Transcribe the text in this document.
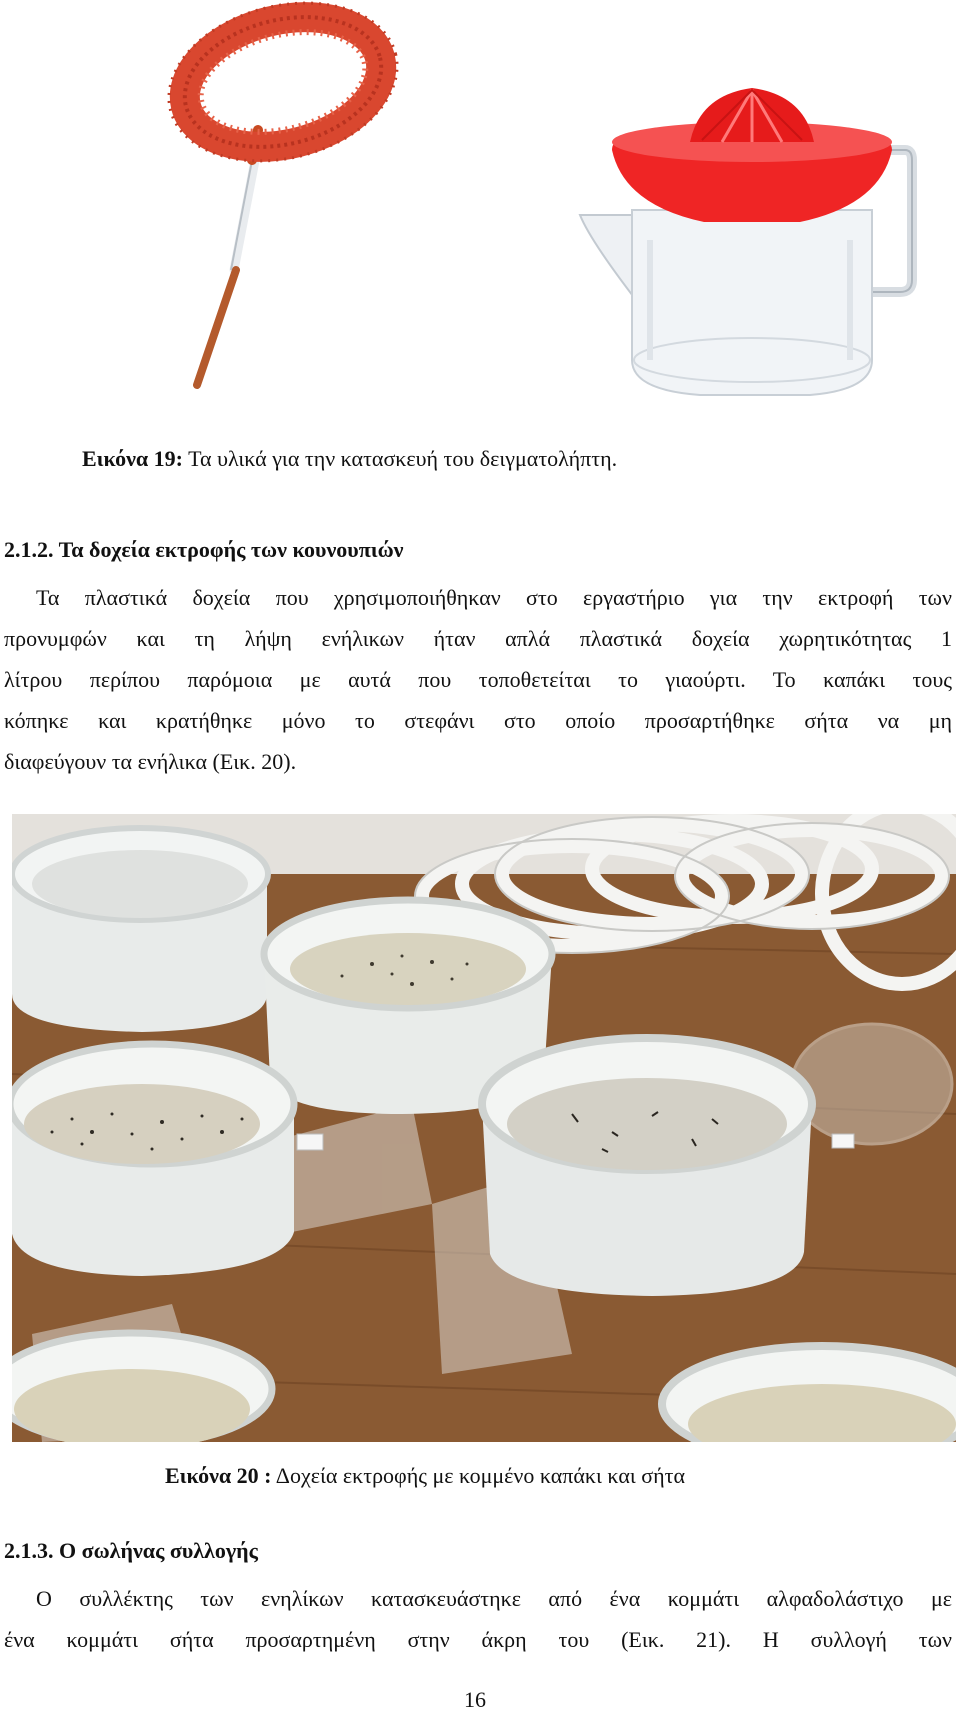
Εικόνα 19: Τα υλικά για την κατασκευή του δειγματολήπτη.
2.1.2. Τα δοχεία εκτροφής των κουνουπιών
Τα πλαστικά δοχεία που χρησιμοποιήθηκαν στο εργαστήριο για την εκτροφή των
προνυμφών και τη λήψη ενήλικων ήταν απλά πλαστικά δοχεία χωρητικότητας 1
λίτρου περίπου παρόμοια με αυτά που τοποθετείται το γιαούρτι. Το καπάκι τους
κόπηκε και κρατήθηκε μόνο το στεφάνι στο οποίο προσαρτήθηκε σήτα να μη
διαφεύγουν τα ενήλικα (Εικ. 20).
Εικόνα 20 : Δοχεία εκτροφής με κομμένο καπάκι και σήτα
2.1.3. Ο σωλήνας συλλογής
Ο συλλέκτης των ενηλίκων κατασκευάστηκε από ένα κομμάτι αλφαδολάστιχο με
ένα κομμάτι σήτα προσαρτημένη στην άκρη του (Εικ. 21). Η συλλογή των
16
